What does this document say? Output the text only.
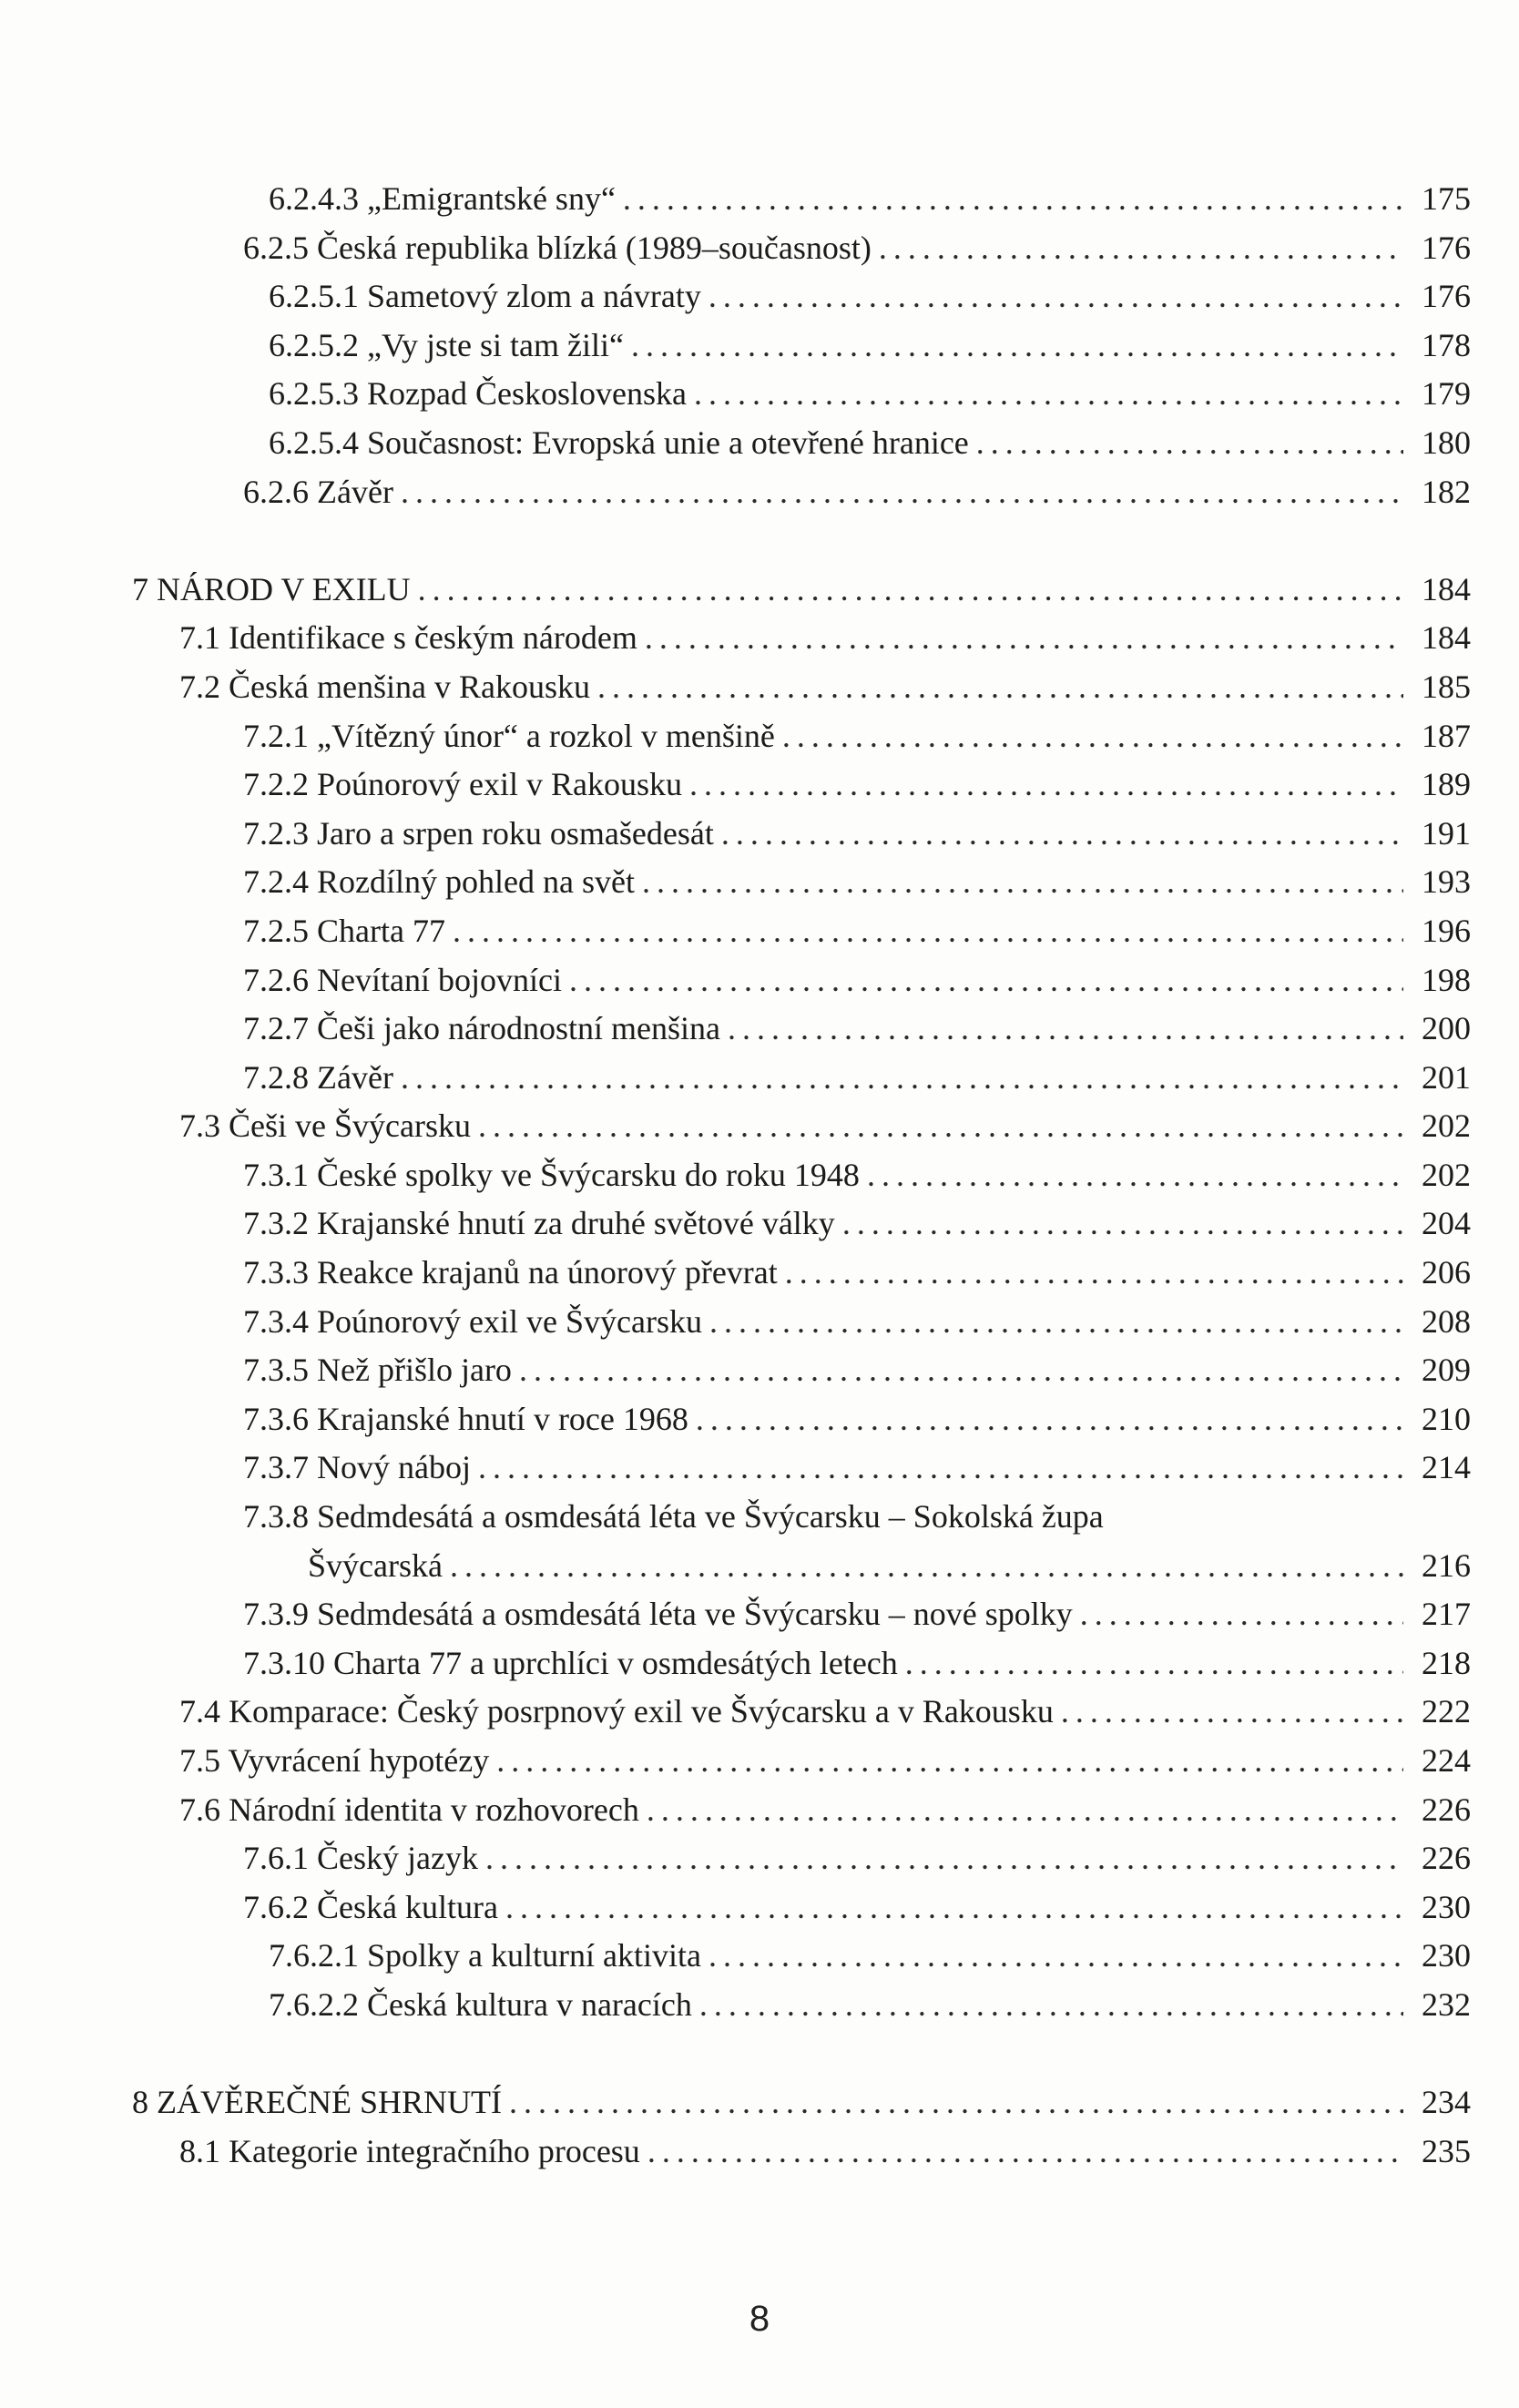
6.2.4.3 „Emigrantské sny“ . . .	175
6.2.5 Česká republika blízká (1989–současnost) . . .	176
6.2.5.1 Sametový zlom a návraty . . .	176
6.2.5.2 „Vy jste si tam žili“ . . .	178
6.2.5.3 Rozpad Československa . . .	179
6.2.5.4 Současnost: Evropská unie a otevřené hranice . . .	180
6.2.6 Závěr . . .	182
7 NÁROD V EXILU . . .	184
7.1 Identifikace s českým národem . . .	184
7.2 Česká menšina v Rakousku . . .	185
7.2.1 „Vítězný únor“ a rozkol v menšině . . .	187
7.2.2 Poúnorový exil v Rakousku . . .	189
7.2.3 Jaro a srpen roku osmašedesát . . .	191
7.2.4 Rozdílný pohled na svět . . .	193
7.2.5 Charta 77 . . .	196
7.2.6 Nevítaní bojovníci . . .	198
7.2.7 Češi jako národnostní menšina . . .	200
7.2.8 Závěr . . .	201
7.3 Češi ve Švýcarsku . . .	202
7.3.1 České spolky ve Švýcarsku do roku 1948 . . .	202
7.3.2 Krajanské hnutí za druhé světové války . . .	204
7.3.3 Reakce krajanů na únorový převrat . . .	206
7.3.4 Poúnorový exil ve Švýcarsku . . .	208
7.3.5 Než přišlo jaro . . .	209
7.3.6 Krajanské hnutí v roce 1968 . . .	210
7.3.7 Nový náboj . . .	214
7.3.8 Sedmdesátá a osmdesátá léta ve Švýcarsku – Sokolská župa
Švýcarská . . .	216
7.3.9 Sedmdesátá a osmdesátá léta ve Švýcarsku – nové spolky . . .	217
7.3.10 Charta 77 a uprchlíci v osmdesátých letech . . .	218
7.4 Komparace: Český posrpnový exil ve Švýcarsku a v Rakousku . . .	222
7.5 Vyvrácení hypotézy . . .	224
7.6 Národní identita v rozhovorech . . .	226
7.6.1 Český jazyk . . .	226
7.6.2 Česká kultura . . .	230
7.6.2.1 Spolky a kulturní aktivita . . .	230
7.6.2.2 Česká kultura v naracích . . .	232
8 ZÁVĚREČNÉ SHRNUTÍ . . .	234
8.1 Kategorie integračního procesu . . .	235
8
